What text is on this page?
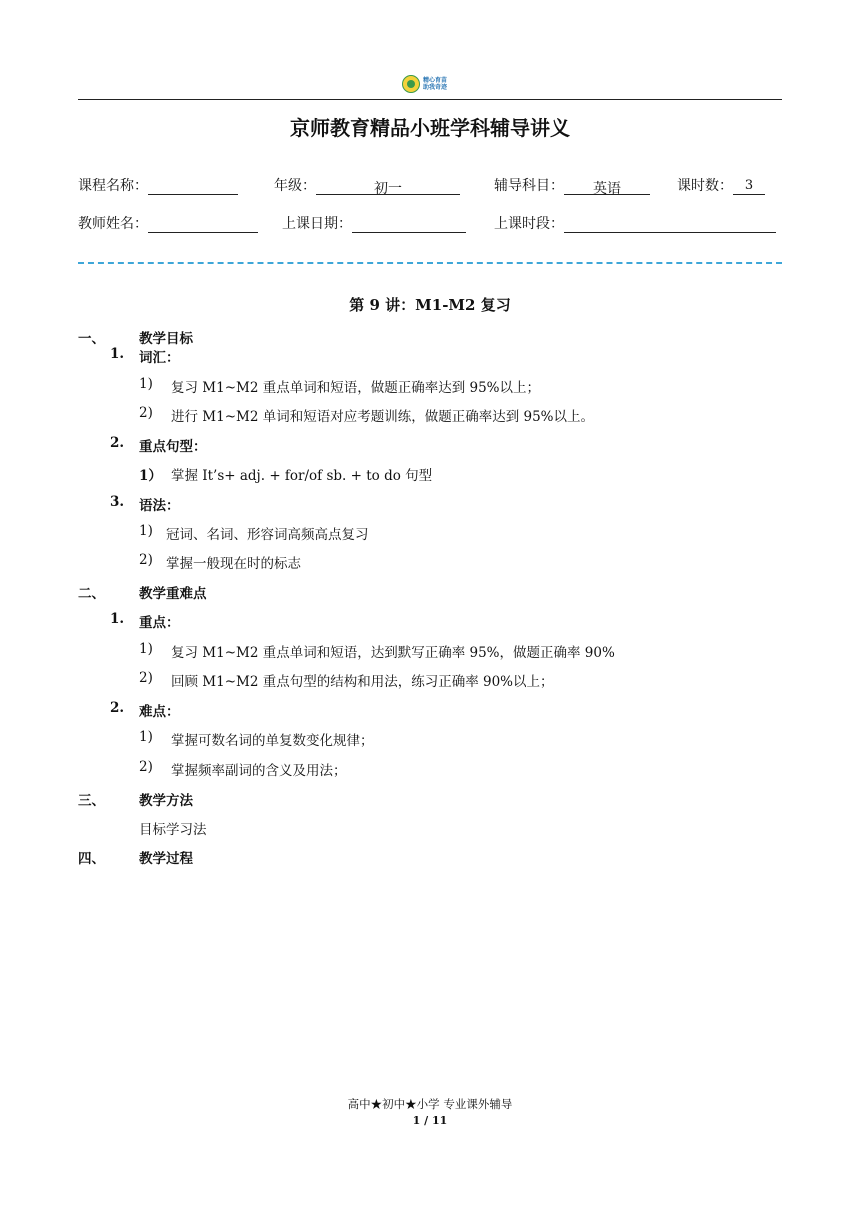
精心育苗
助我奇迹
京师教育精品小班学科辅导讲义
课程名称：	年级：	初一	辅导科目： 英语	课时数： 3
教师姓名：	上课日期：	上课时段：
第 9 讲：M1-M2 复习
一、	教学目标
1. 词汇：
1) 复习 M1~M2 重点单词和短语，做题正确率达到 95%以上；
2) 进行 M1~M2 单词和短语对应考题训练，做题正确率达到 95%以上。
2. 重点句型：
1） 掌握 It’s+ adj. + for/of sb. + to do 句型
3. 语法：
1) 冠词、名词、形容词高频高点复习
2) 掌握一般现在时的标志
二、	教学重难点
1. 重点：
1) 复习 M1~M2 重点单词和短语，达到默写正确率 95%，做题正确率 90%
2) 回顾 M1~M2 重点句型的结构和用法，练习正确率 90%以上；
2. 难点：
1) 掌握可数名词的单复数变化规律；
2) 掌握频率副词的含义及用法；
三、	教学方法
目标学习法
四、	教学过程
高中★初中★小学 专业课外辅导
1 / 11
